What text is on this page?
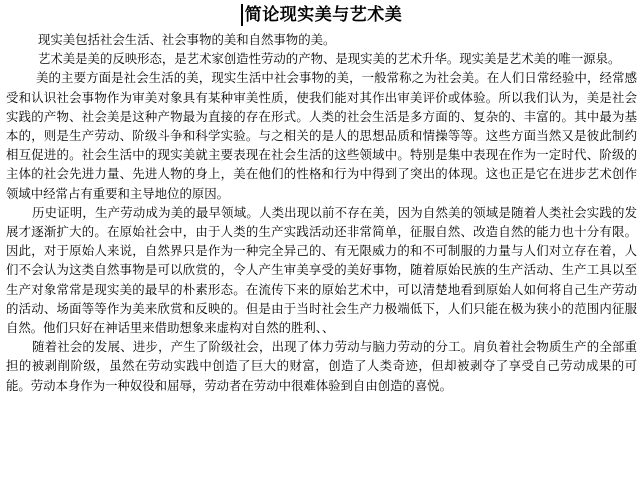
简论现实美与艺术美

现实美包括社会生活、社会事物的美和自然事物的美。

艺术美是美的反映形态，是艺术家创造性劳动的产物、是现实美的艺术升华。现实美是艺术美的唯一源泉。

美的主要方面是社会生活的美，现实生活中社会事物的美，一般常称之为社会美。在人们日常经验中，经常感受和认识社会事物作为审美对象具有某种审美性质，使我们能对其作出审美评价或体验。所以我们认为，美是社会实践的产物、社会美是这种产物最为直接的存在形式。人类的社会生活是多方面的、复杂的、丰富的。其中最为基本的，则是生产劳动、阶级斗争和科学实验。与之相关的是人的思想品质和情操等等。这些方面当然又是彼此制约相互促进的。社会生活中的现实美就主要表现在社会生活的这些领域中。特别是集中表现在作为一定时代、阶级的主体的社会先进力量、先进人物的身上，美在他们的性格和行为中得到了突出的体现。这也正是它在进步艺术创作领域中经常占有重要和主导地位的原因。

历史证明，生产劳动成为美的最早领域。人类出现以前不存在美，因为自然美的领域是随着人类社会实践的发展才逐渐扩大的。在原始社会中，由于人类的生产实践活动还非常简单，征服自然、改造自然的能力也十分有限。因此，对于原始人来说，自然界只是作为一种完全异己的、有无限威力的和不可制服的力量与人们对立存在着，人们不会认为这类自然事物是可以欣赏的，令人产生审美享受的美好事物，随着原始民族的生产活动、生产工具以至生产对象常常是现实美的最早的朴素形态。在流传下来的原始艺术中，可以清楚地看到原始人如何将自己生产劳动的活动、场面等等作为美来欣赏和反映的。但是由于当时社会生产力极端低下，人们只能在极为狭小的范围内征服自然。他们只好在神话里来借助想象来虚构对自然的胜利、、

随着社会的发展、进步，产生了阶级社会，出现了体力劳动与脑力劳动的分工。肩负着社会物质生产的全部重担的被剥削阶级，虽然在劳动实践中创造了巨大的财富，创造了人类奇迹，但却被剥夺了享受自己劳动成果的可能。劳动本身作为一种奴役和屈辱，劳动者在劳动中很难体验到自由创造的喜悦。
